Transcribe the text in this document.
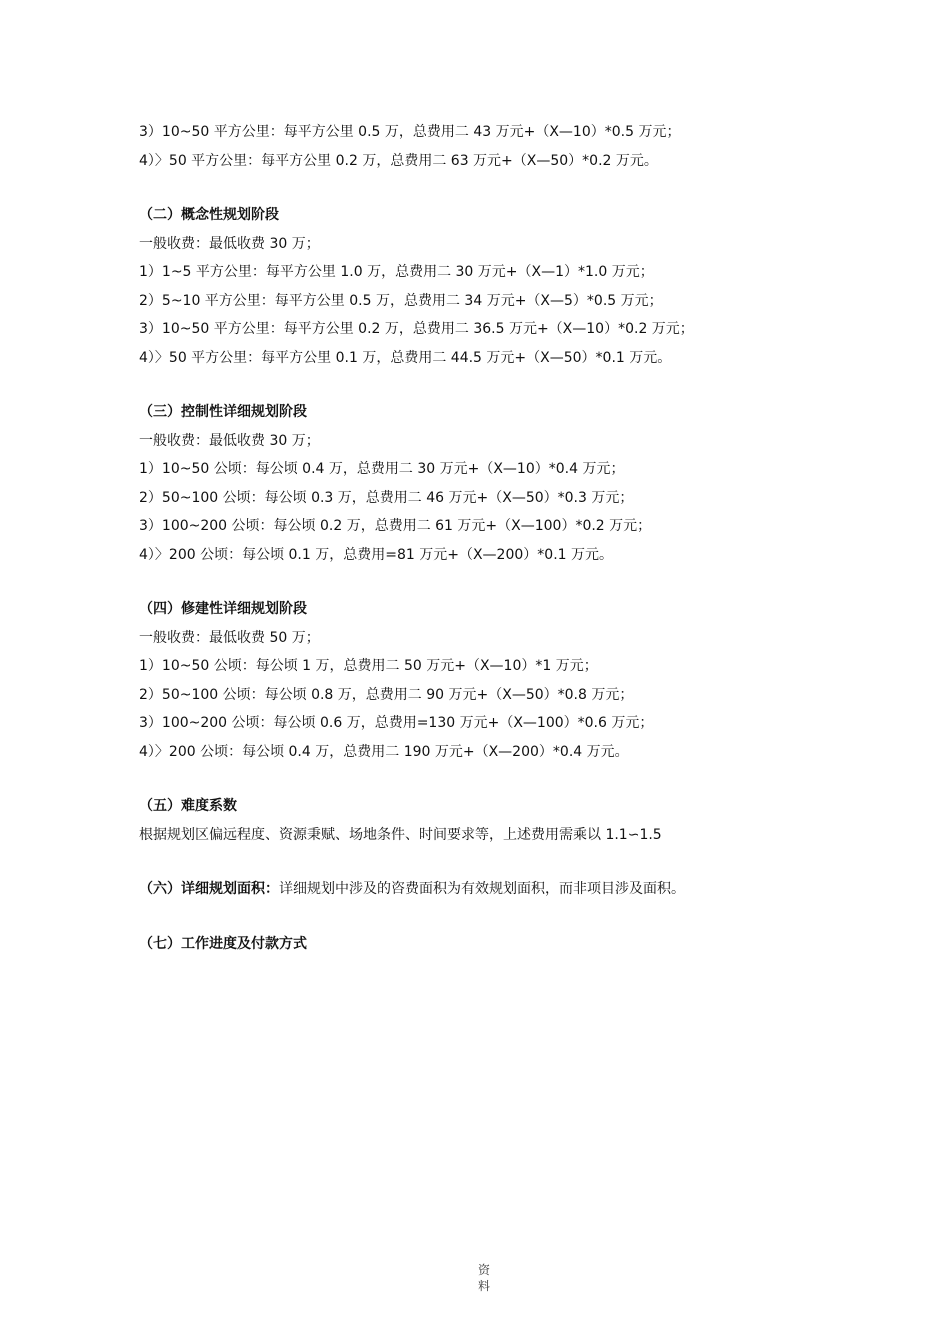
3）10~50 平方公里：每平方公里 0.5 万，总费用二 43 万元+（X—10）*0.5 万元；
4）〉50 平方公里：每平方公里 0.2 万，总费用二 63 万元+（X—50）*0.2 万元。
（二）概念性规划阶段
一般收费：最低收费 30 万；
1）1~5 平方公里：每平方公里 1.0 万，总费用二 30 万元+（X—1）*1.0 万元；
2）5~10 平方公里：每平方公里 0.5 万，总费用二 34 万元+（X—5）*0.5 万元；
3）10~50 平方公里：每平方公里 0.2 万，总费用二 36.5 万元+（X—10）*0.2 万元；
4）〉50 平方公里：每平方公里 0.1 万，总费用二 44.5 万元+（X—50）*0.1 万元。
（三）控制性详细规划阶段
一般收费：最低收费 30 万；
1）10~50 公顷：每公顷 0.4 万，总费用二 30 万元+（X—10）*0.4 万元；
2）50~100 公顷：每公顷 0.3 万，总费用二 46 万元+（X—50）*0.3 万元；
3）100~200 公顷：每公顷 0.2 万，总费用二 61 万元+（X—100）*0.2 万元；
4）〉200 公顷：每公顷 0.1 万，总费用=81 万元+（X—200）*0.1 万元。
（四）修建性详细规划阶段
一般收费：最低收费 50 万；
1）10~50 公顷：每公顷 1 万，总费用二 50 万元+（X—10）*1 万元；
2）50~100 公顷：每公顷 0.8 万，总费用二 90 万元+（X—50）*0.8 万元；
3）100~200 公顷：每公顷 0.6 万，总费用=130 万元+（X—100）*0.6 万元；
4）〉200 公顷：每公顷 0.4 万，总费用二 190 万元+（X—200）*0.4 万元。
（五）难度系数
根据规划区偏远程度、资源秉赋、场地条件、时间要求等，上述费用需乘以 1.1∽1.5
（六）详细规划面积：详细规划中涉及的咨费面积为有效规划面积，而非项目涉及面积。
（七）工作进度及付款方式
资
料
